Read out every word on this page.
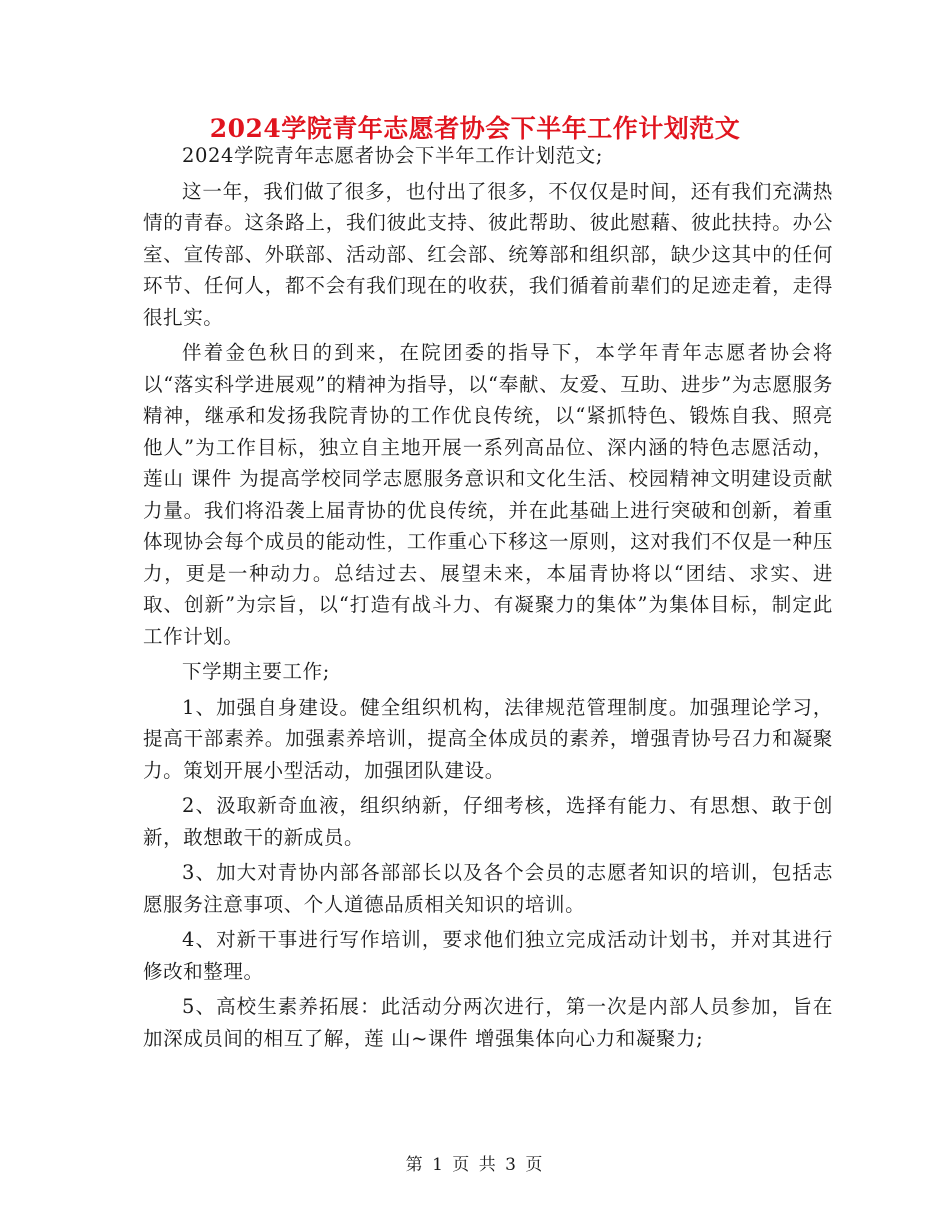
2024学院青年志愿者协会下半年工作计划范文

2024学院青年志愿者协会下半年工作计划范文;

这一年，我们做了很多，也付出了很多，不仅仅是时间，还有我们充满热情的青春。这条路上，我们彼此支持、彼此帮助、彼此慰藉、彼此扶持。办公室、宣传部、外联部、活动部、红会部、统筹部和组织部，缺少这其中的任何环节、任何人，都不会有我们现在的收获，我们循着前辈们的足迹走着，走得很扎实。

伴着金色秋日的到来，在院团委的指导下，本学年青年志愿者协会将以“落实科学进展观”的精神为指导，以“奉献、友爱、互助、进步”为志愿服务精神，继承和发扬我院青协的工作优良传统，以“紧抓特色、锻炼自我、照亮他人”为工作目标，独立自主地开展一系列高品位、深内涵的特色志愿活动，莲山 课件 为提高学校同学志愿服务意识和文化生活、校园精神文明建设贡献力量。我们将沿袭上届青协的优良传统，并在此基础上进行突破和创新，着重体现协会每个成员的能动性，工作重心下移这一原则，这对我们不仅是一种压力，更是一种动力。总结过去、展望未来，本届青协将以“团结、求实、进取、创新”为宗旨，以“打造有战斗力、有凝聚力的集体”为集体目标，制定此工作计划。

下学期主要工作;

1、加强自身建设。健全组织机构，法律规范管理制度。加强理论学习，提高干部素养。加强素养培训，提高全体成员的素养，增强青协号召力和凝聚力。策划开展小型活动，加强团队建设。

2、汲取新奇血液，组织纳新，仔细考核，选择有能力、有思想、敢于创新，敢想敢干的新成员。

3、加大对青协内部各部部长以及各个会员的志愿者知识的培训，包括志愿服务注意事项、个人道德品质相关知识的培训。

4、对新干事进行写作培训，要求他们独立完成活动计划书，并对其进行修改和整理。

5、高校生素养拓展：此活动分两次进行，第一次是内部人员参加，旨在加深成员间的相互了解，莲 山~课件 增强集体向心力和凝聚力;

第 1 页 共 3 页
